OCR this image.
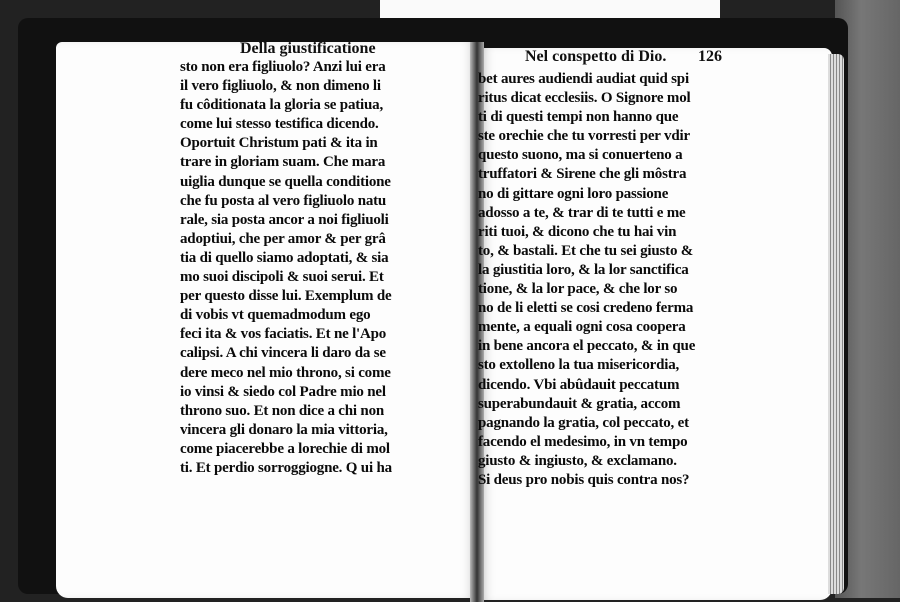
Della giustificatione	Nel conspetto di Dio. 126
sto non era figliuolo? Anzi lui era
il vero figliuolo, & non dimeno li
fu côditionata la gloria se patiua,
come lui stesso testifica dicendo.
Oportuit Christum pati & ita in
trare in gloriam suam. Che mara
uiglia dunque se quella conditione
che fu posta al vero figliuolo natu
rale, sia posta ancor a noi figliuoli
adoptiui, che per amor & per grâ
tia di quello siamo adoptati, & sia
mo suoi discipoli & suoi serui. Et
per questo disse lui. Exemplum de
di vobis vt quemadmodum ego
feci ita & vos faciatis. Et ne l'Apo
calipsi. A chi vincera li daro da se
dere meco nel mio throno, si come
io vinsi & siedo col Padre mio nel
throno suo. Et non dice a chi non
vincera gli donaro la mia vittoria,
come piacerebbe a lorechie di mol
ti. Et perdio sorroggiogne. Q ui ha
bet aures audiendi audiat quid spi
ritus dicat ecclesiis. O Signore mol
ti di questi tempi non hanno que
ste orechie che tu vorresti per vdir
questo suono, ma si conuerteno a
truffatori & Sirene che gli môstra
no di gittare ogni loro passione
adosso a te, & trar di te tutti e me
riti tuoi, & dicono che tu hai vin
to, & bastali. Et che tu sei giusto &
la giustitia loro, & la lor sanctifica
tione, & la lor pace, & che lor so
no de li eletti se cosi credeno ferma
mente, a equali ogni cosa coopera
in bene ancora el peccato, & in que
sto extolleno la tua misericordia,
dicendo. Vbi abûdauit peccatum
superabundauit & gratia, accom
pagnando la gratia, col peccato, et
facendo el medesimo, in vn tempo
giusto & ingiusto, & exclamano.
Si deus pro nobis quis contra nos?
